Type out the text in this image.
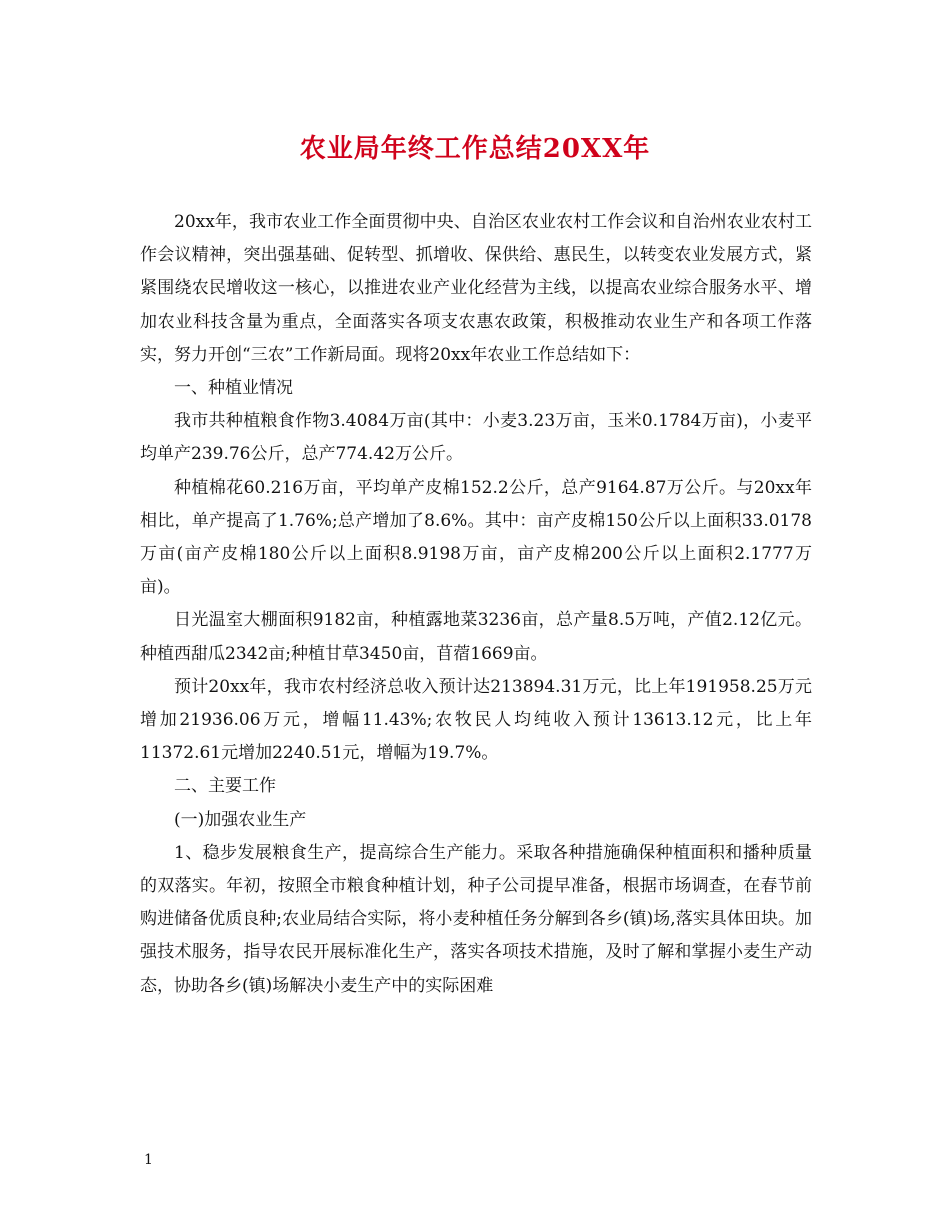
农业局年终工作总结20XX年

20xx年，我市农业工作全面贯彻中央、自治区农业农村工作会议和自治州农业农村工作会议精神，突出强基础、促转型、抓增收、保供给、惠民生，以转变农业发展方式，紧紧围绕农民增收这一核心，以推进农业产业化经营为主线，以提高农业综合服务水平、增加农业科技含量为重点，全面落实各项支农惠农政策，积极推动农业生产和各项工作落实，努力开创“三农”工作新局面。现将20xx年农业工作总结如下：

一、种植业情况

我市共种植粮食作物3.4084万亩(其中：小麦3.23万亩，玉米0.1784万亩)，小麦平均单产239.76公斤，总产774.42万公斤。

种植棉花60.216万亩，平均单产皮棉152.2公斤，总产9164.87万公斤。与20xx年相比，单产提高了1.76%;总产增加了8.6%。其中：亩产皮棉150公斤以上面积33.0178万亩(亩产皮棉180公斤以上面积8.9198万亩，亩产皮棉200公斤以上面积2.1777万亩)。

日光温室大棚面积9182亩，种植露地菜3236亩，总产量8.5万吨，产值2.12亿元。种植西甜瓜2342亩;种植甘草3450亩，苜蓿1669亩。

预计20xx年，我市农村经济总收入预计达213894.31万元，比上年191958.25万元增加21936.06万元，增幅11.43%;农牧民人均纯收入预计13613.12元，比上年11372.61元增加2240.51元，增幅为19.7%。

二、主要工作

(一)加强农业生产

1、稳步发展粮食生产，提高综合生产能力。采取各种措施确保种植面积和播种质量的双落实。年初，按照全市粮食种植计划，种子公司提早准备，根据市场调查，在春节前购进储备优质良种;农业局结合实际，将小麦种植任务分解到各乡(镇)场,落实具体田块。加强技术服务，指导农民开展标准化生产，落实各项技术措施，及时了解和掌握小麦生产动态，协助各乡(镇)场解决小麦生产中的实际困难

1
